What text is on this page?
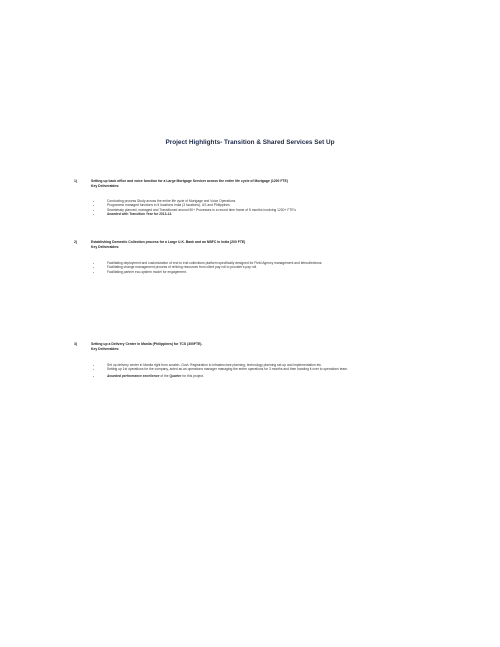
Project Highlights- Transition & Shared Services Set Up
1)	Setting up back office and voice function for a Large Mortgage Servicer across the entire life cycle of Mortgage (1200 FTE)
Key Deliverables:
-	Conducting process Study across the entire life cycle of Mortgage and Voice Operations
-	Programme managed functions in 5 locations India (3 locations), US and Philippines
-	Seamlessly planned, managed and Transitioned around 50+ Processes in a record time frame of 8 months involving 1200+ FTE's
-	Awarded with Transition Year for 2013-14.
2)	Establishing Domestic Collection process for a Large U.K. Bank and an NBFC in India (200 FTE)
Key Deliverables:
-	Facilitating deployment and customization of end to end collections platform specifically designed for Field Agency management and telecollections.
-	Facilitating change management process of rehiring resources from client pay roll to provider's pay roll.
-	Facilitating partner eco-system model for engagement.
3)	Setting up a Delivery Center in Manila (Philippines) for TCS (300FTE).
Key Deliverables:
-	Set up delivery center in Manila right from scratch- Govt. Registration to infrastructure planning, technology planning set up and implementation etc.
-	Setting up 1st operations for the company, acted as an operations manager managing the entire operations for 3 months and then handing it over to operations team.
-	Awarded performance excellence of the Quarter for this project.
